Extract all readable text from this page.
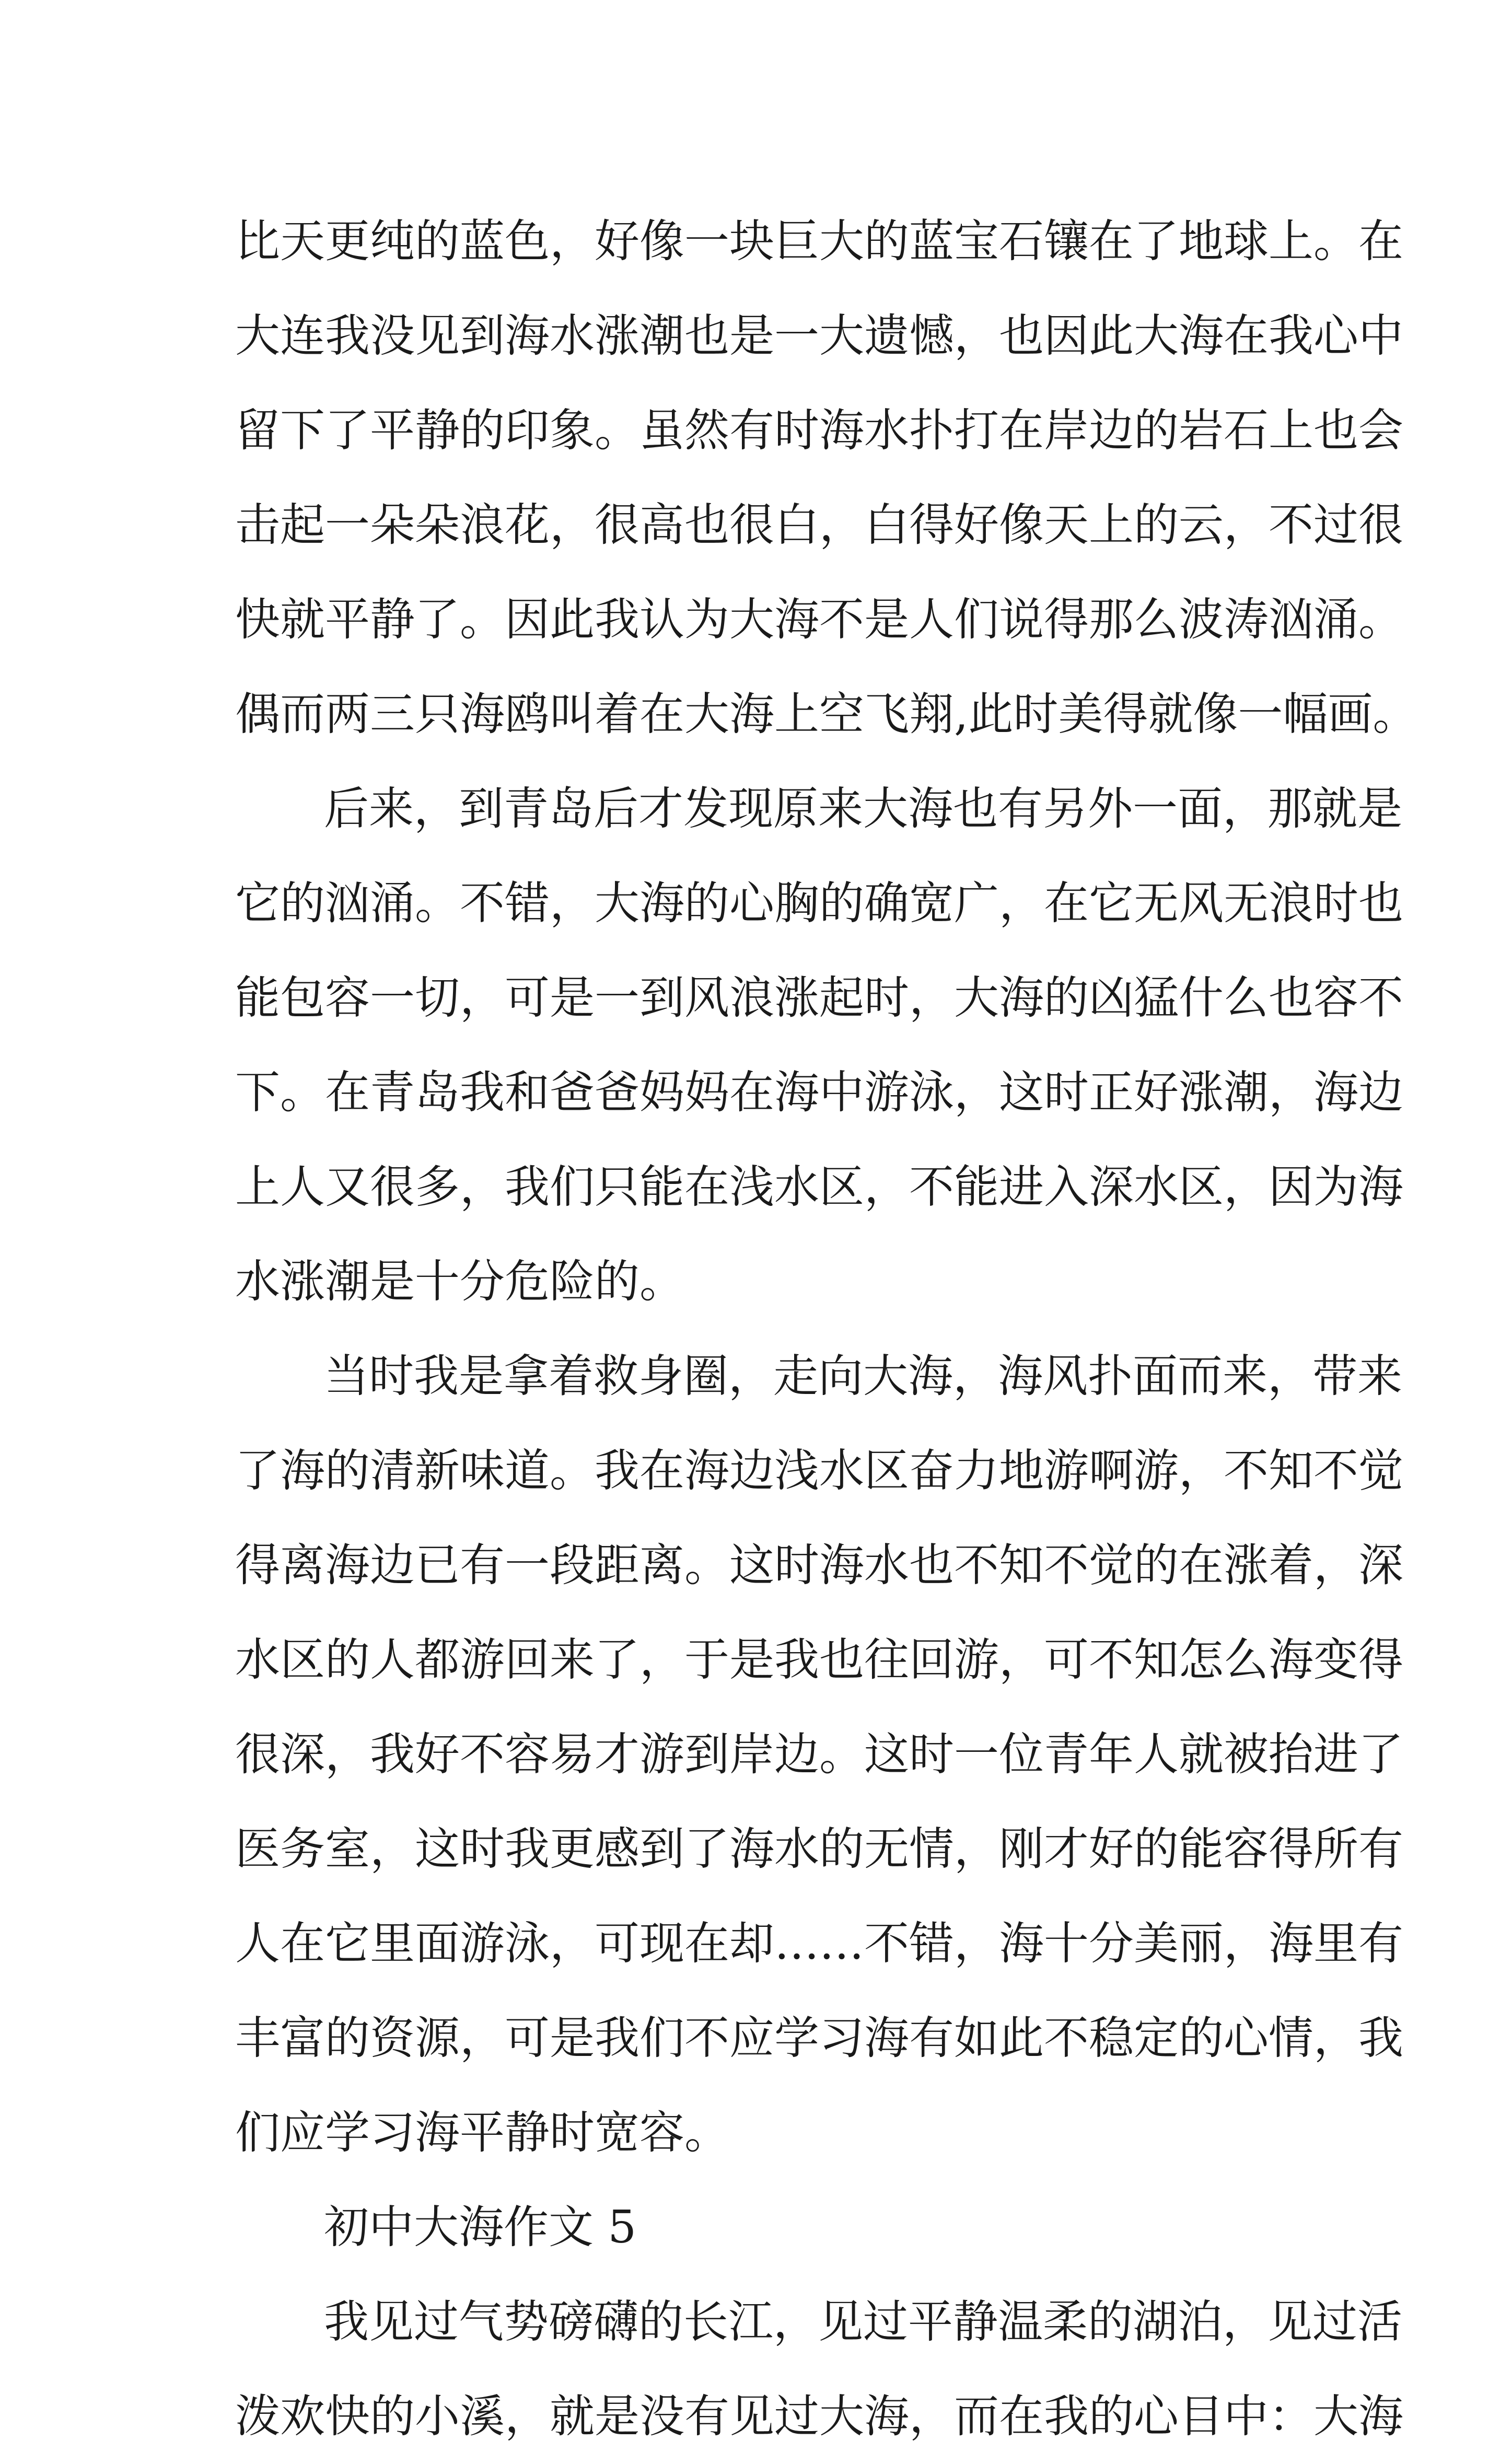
比天更纯的蓝色，好像一块巨大的蓝宝石镶在了地球上。在
大连我没见到海水涨潮也是一大遗憾，也因此大海在我心中
留下了平静的印象。虽然有时海水扑打在岸边的岩石上也会
击起一朵朵浪花，很高也很白，白得好像天上的云，不过很
快就平静了。因此我认为大海不是人们说得那么波涛汹涌。
偶而两三只海鸥叫着在大海上空飞翔,此时美得就像一幅画。
后来，到青岛后才发现原来大海也有另外一面，那就是
它的汹涌。不错，大海的心胸的确宽广，在它无风无浪时也
能包容一切，可是一到风浪涨起时，大海的凶猛什么也容不
下。在青岛我和爸爸妈妈在海中游泳，这时正好涨潮，海边
上人又很多，我们只能在浅水区，不能进入深水区，因为海
水涨潮是十分危险的。
当时我是拿着救身圈，走向大海，海风扑面而来，带来
了海的清新味道。我在海边浅水区奋力地游啊游，不知不觉
得离海边已有一段距离。这时海水也不知不觉的在涨着，深
水区的人都游回来了，于是我也往回游，可不知怎么海变得
很深，我好不容易才游到岸边。这时一位青年人就被抬进了
医务室，这时我更感到了海水的无情，刚才好的能容得所有
人在它里面游泳，可现在却……不错，海十分美丽，海里有
丰富的资源，可是我们不应学习海有如此不稳定的心情，我
们应学习海平静时宽容。
初中大海作文 5
我见过气势磅礴的长江，见过平静温柔的湖泊，见过活
泼欢快的小溪，就是没有见过大海，而在我的心目中：大海
